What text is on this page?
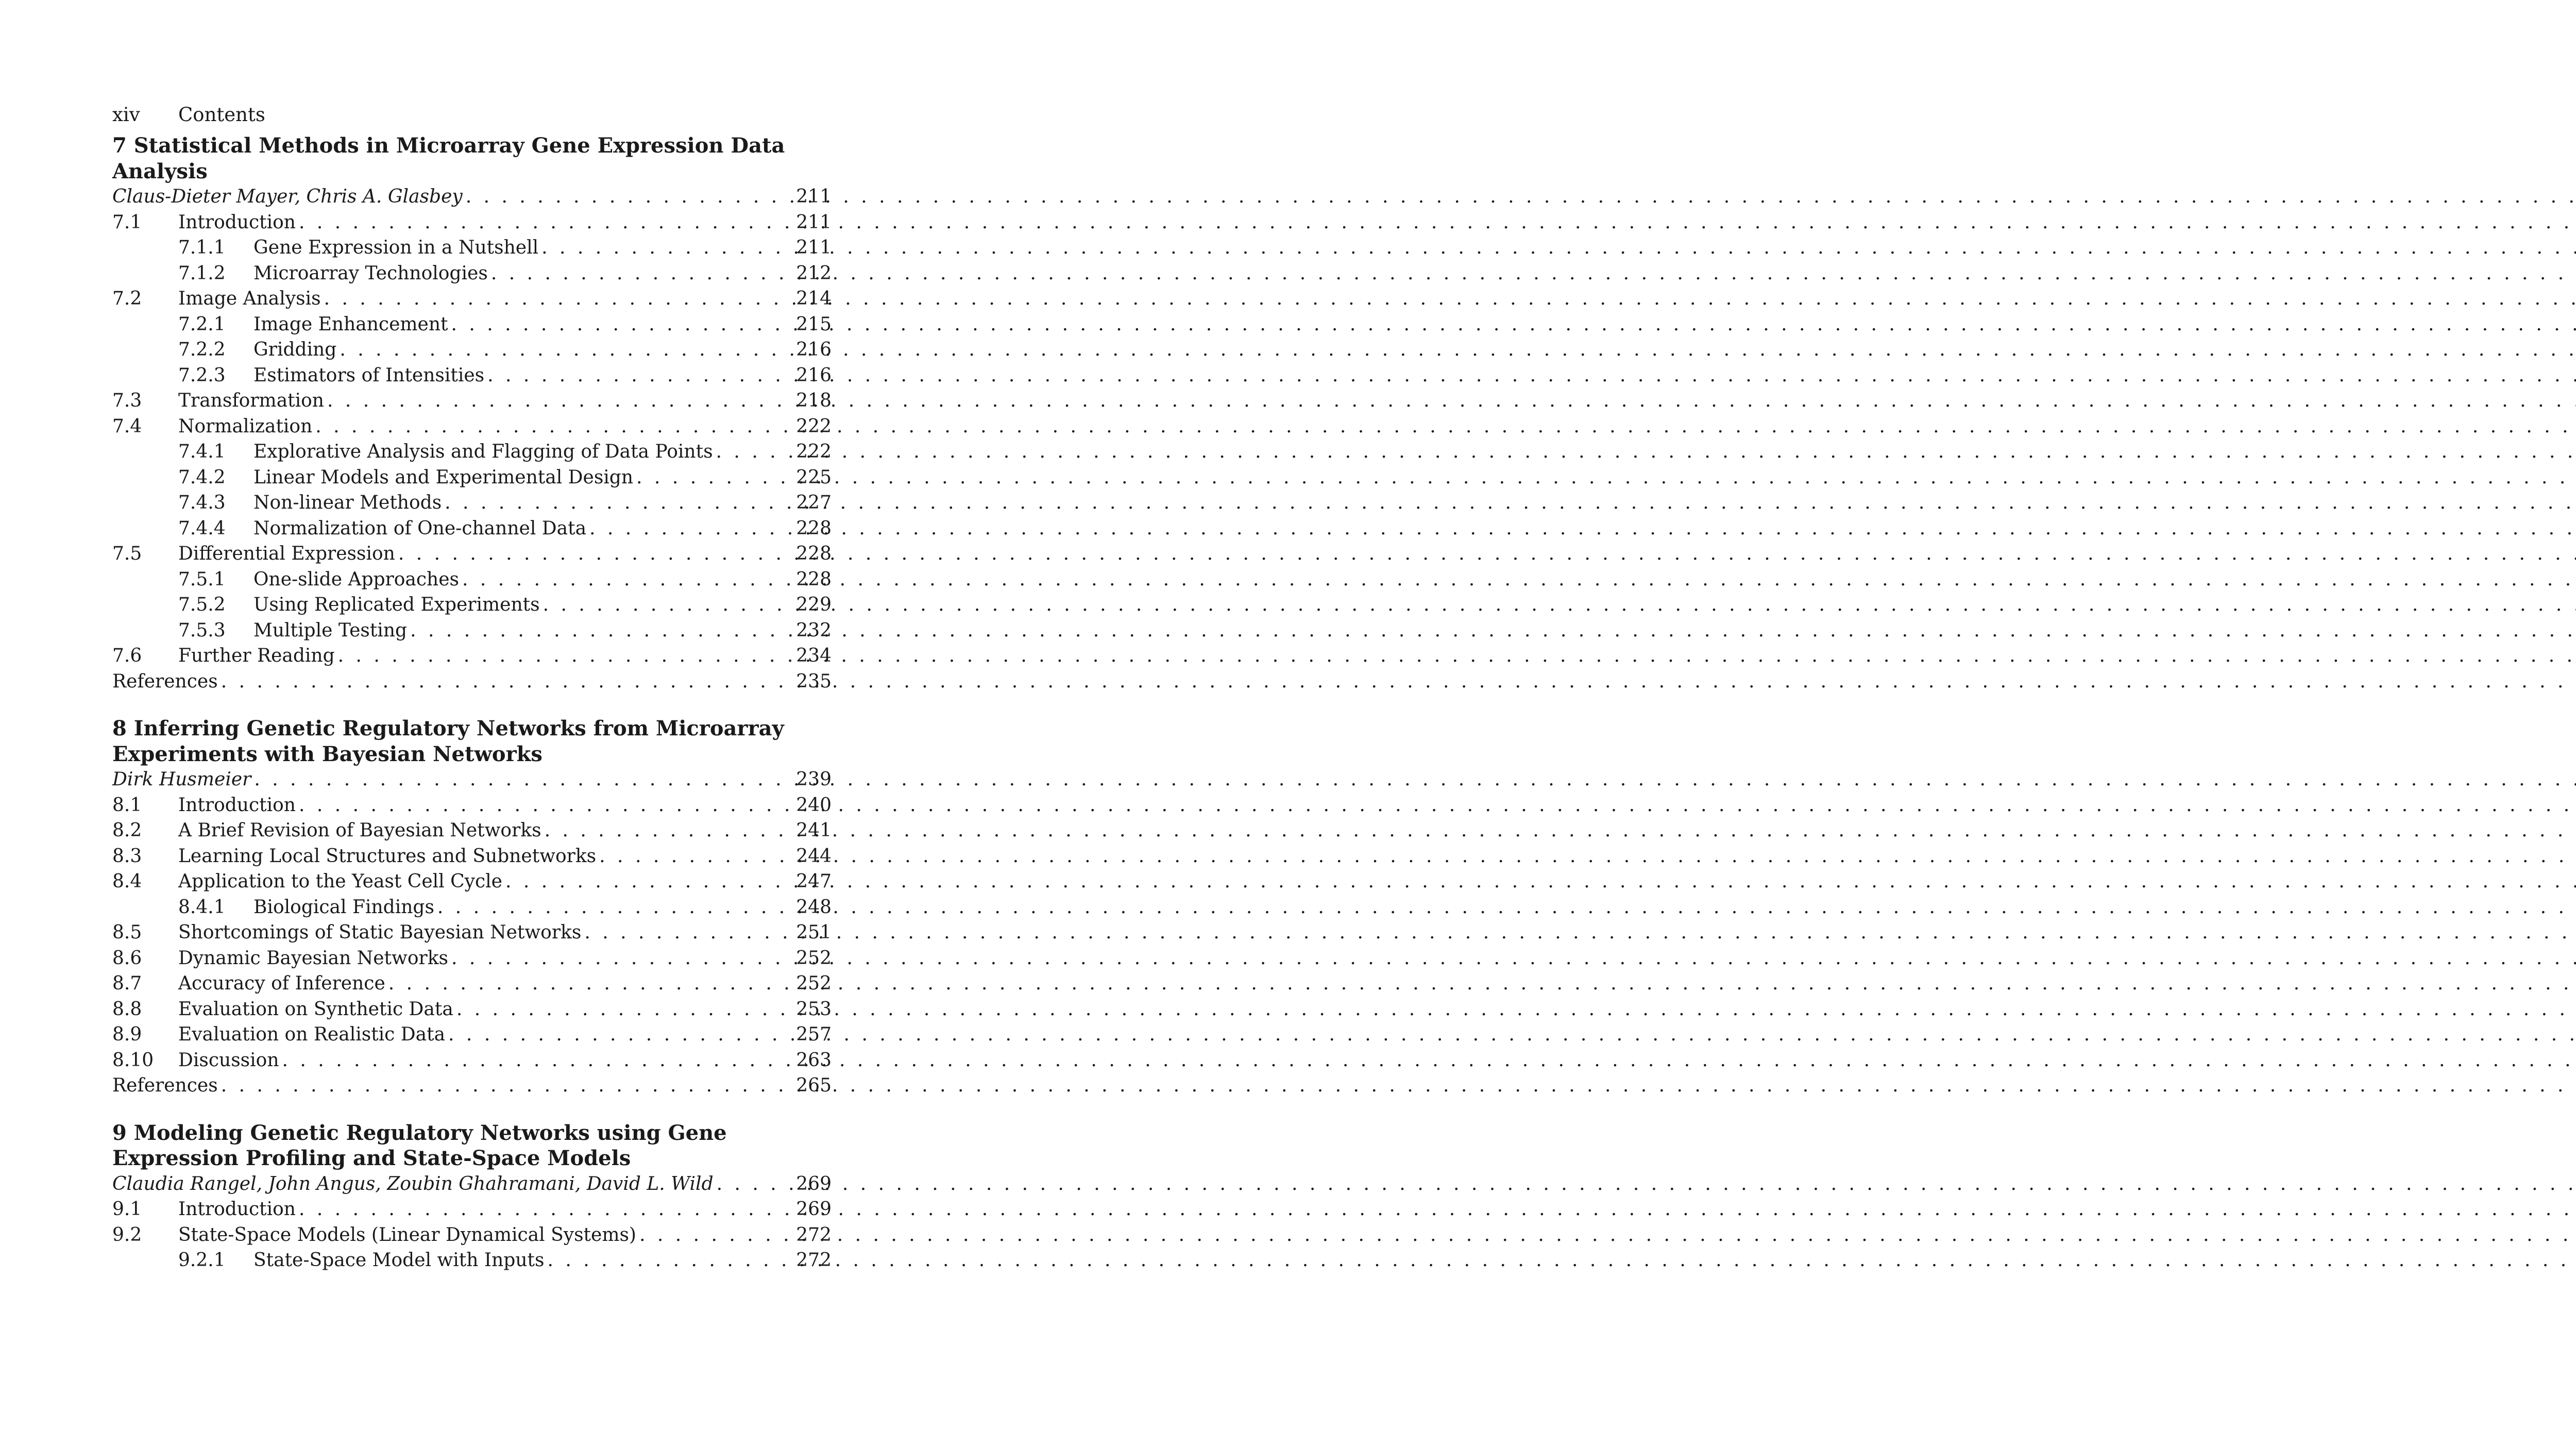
xiv Contents
7 Statistical Methods in Microarray Gene Expression Data
Analysis
Claus-Dieter Mayer, Chris A. Glasbey . . .	211
7.1	Introduction . . .	211
7.1.1	Gene Expression in a Nutshell . . .	211
7.1.2	Microarray Technologies . . .	212
7.2	Image Analysis . . .	214
7.2.1	Image Enhancement . . .	215
7.2.2	Gridding . . .	216
7.2.3	Estimators of Intensities . . .	216
7.3	Transformation . . .	218
7.4	Normalization . . .	222
7.4.1	Explorative Analysis and Flagging of Data Points . . .	222
7.4.2	Linear Models and Experimental Design . . .	225
7.4.3	Non-linear Methods . . .	227
7.4.4	Normalization of One-channel Data . . .	228
7.5	Differential Expression . . .	228
7.5.1	One-slide Approaches . . .	228
7.5.2	Using Replicated Experiments . . .	229
7.5.3	Multiple Testing . . .	232
7.6	Further Reading . . .	234
References . . .	235
8 Inferring Genetic Regulatory Networks from Microarray
Experiments with Bayesian Networks
Dirk Husmeier . . .	239
8.1	Introduction . . .	240
8.2	A Brief Revision of Bayesian Networks . . .	241
8.3	Learning Local Structures and Subnetworks . . .	244
8.4	Application to the Yeast Cell Cycle . . .	247
8.4.1	Biological Findings . . .	248
8.5	Shortcomings of Static Bayesian Networks . . .	251
8.6	Dynamic Bayesian Networks . . .	252
8.7	Accuracy of Inference . . .	252
8.8	Evaluation on Synthetic Data . . .	253
8.9	Evaluation on Realistic Data . . .	257
8.10	Discussion . . .	263
References . . .	265
9 Modeling Genetic Regulatory Networks using Gene
Expression Profiling and State-Space Models
Claudia Rangel, John Angus, Zoubin Ghahramani, David L. Wild . . .	269
9.1	Introduction . . .	269
9.2	State-Space Models (Linear Dynamical Systems) . . .	272
9.2.1	State-Space Model with Inputs . . .	272
